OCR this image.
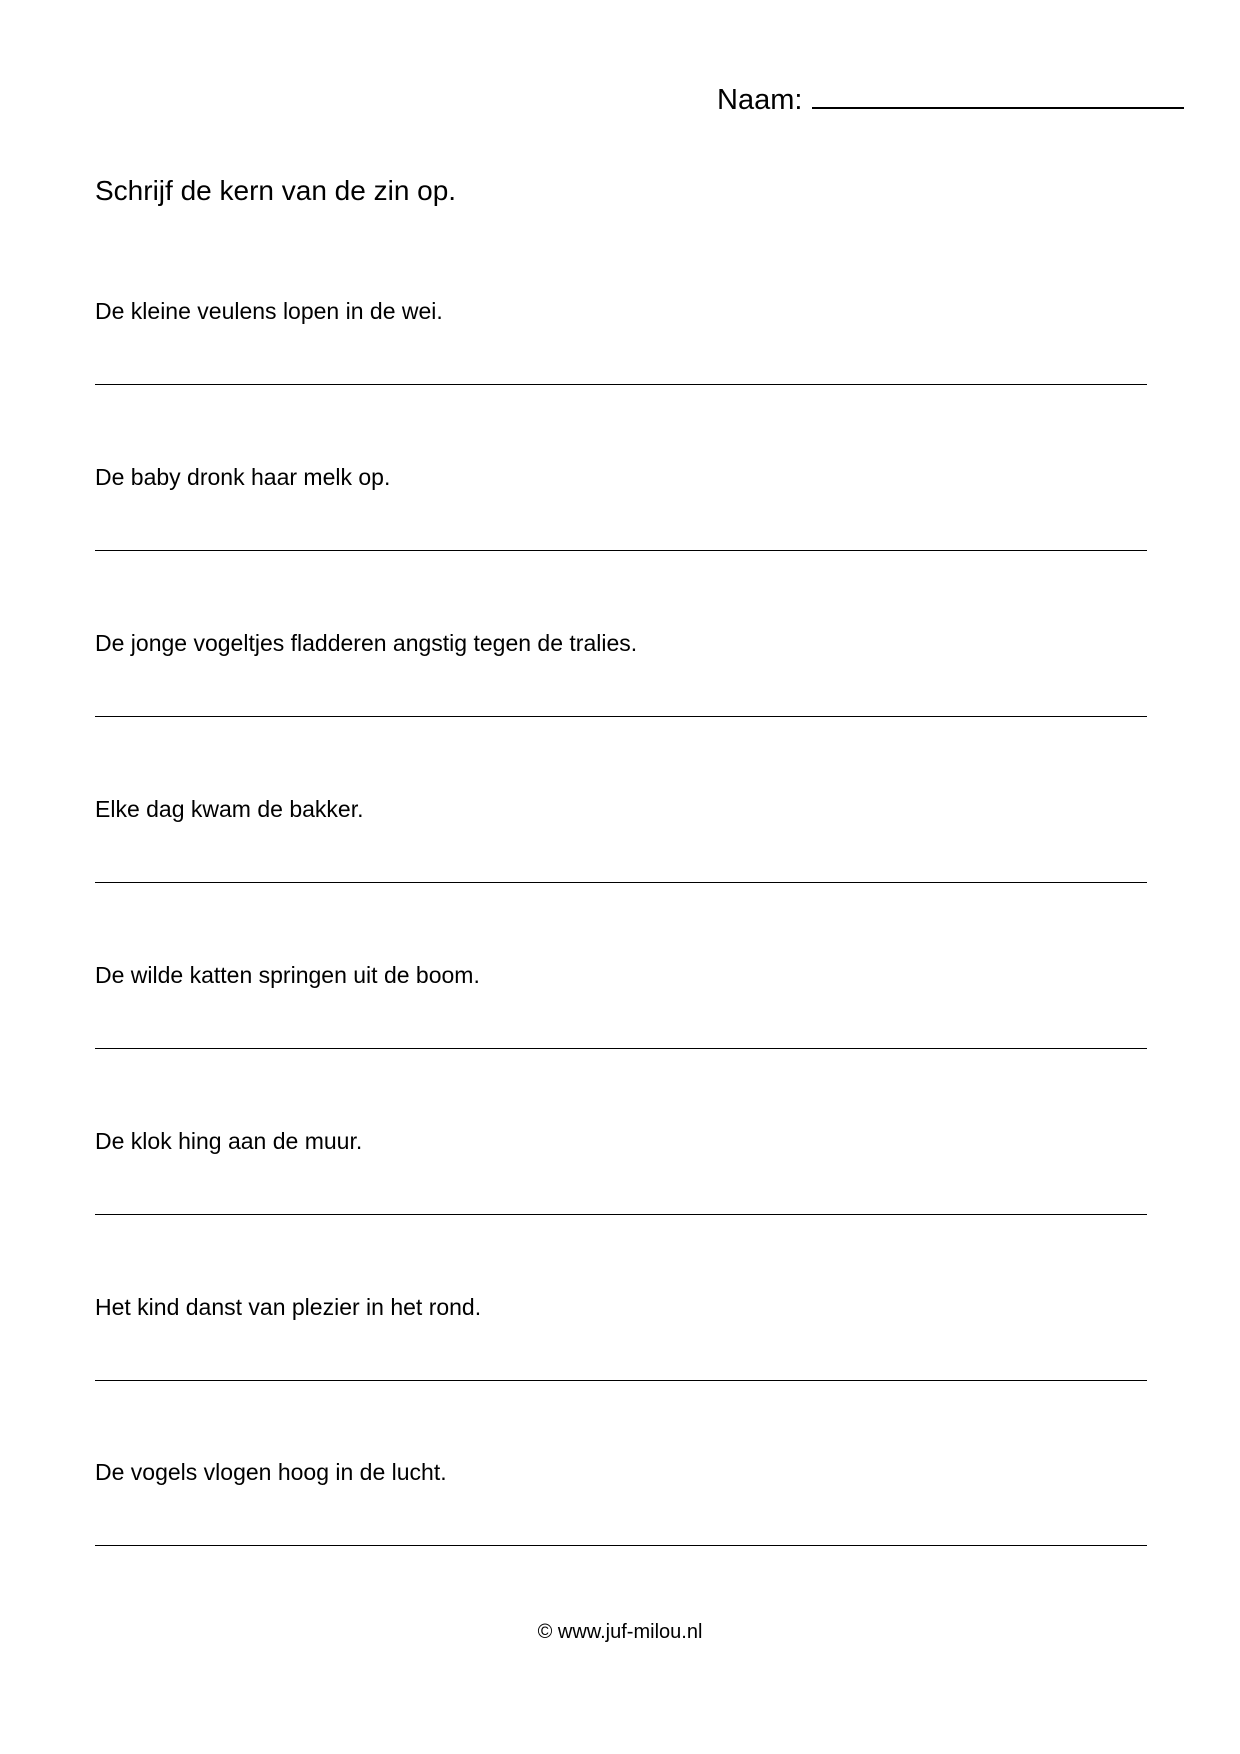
Naam:
Schrijf de kern van de zin op.
De kleine veulens lopen in de wei.
De baby dronk haar melk op.
De jonge vogeltjes fladderen angstig tegen de tralies.
Elke dag kwam de bakker.
De wilde katten springen uit de boom.
De klok hing aan de muur.
Het kind danst van plezier in het rond.
De vogels vlogen hoog in de lucht.
© www.juf-milou.nl
